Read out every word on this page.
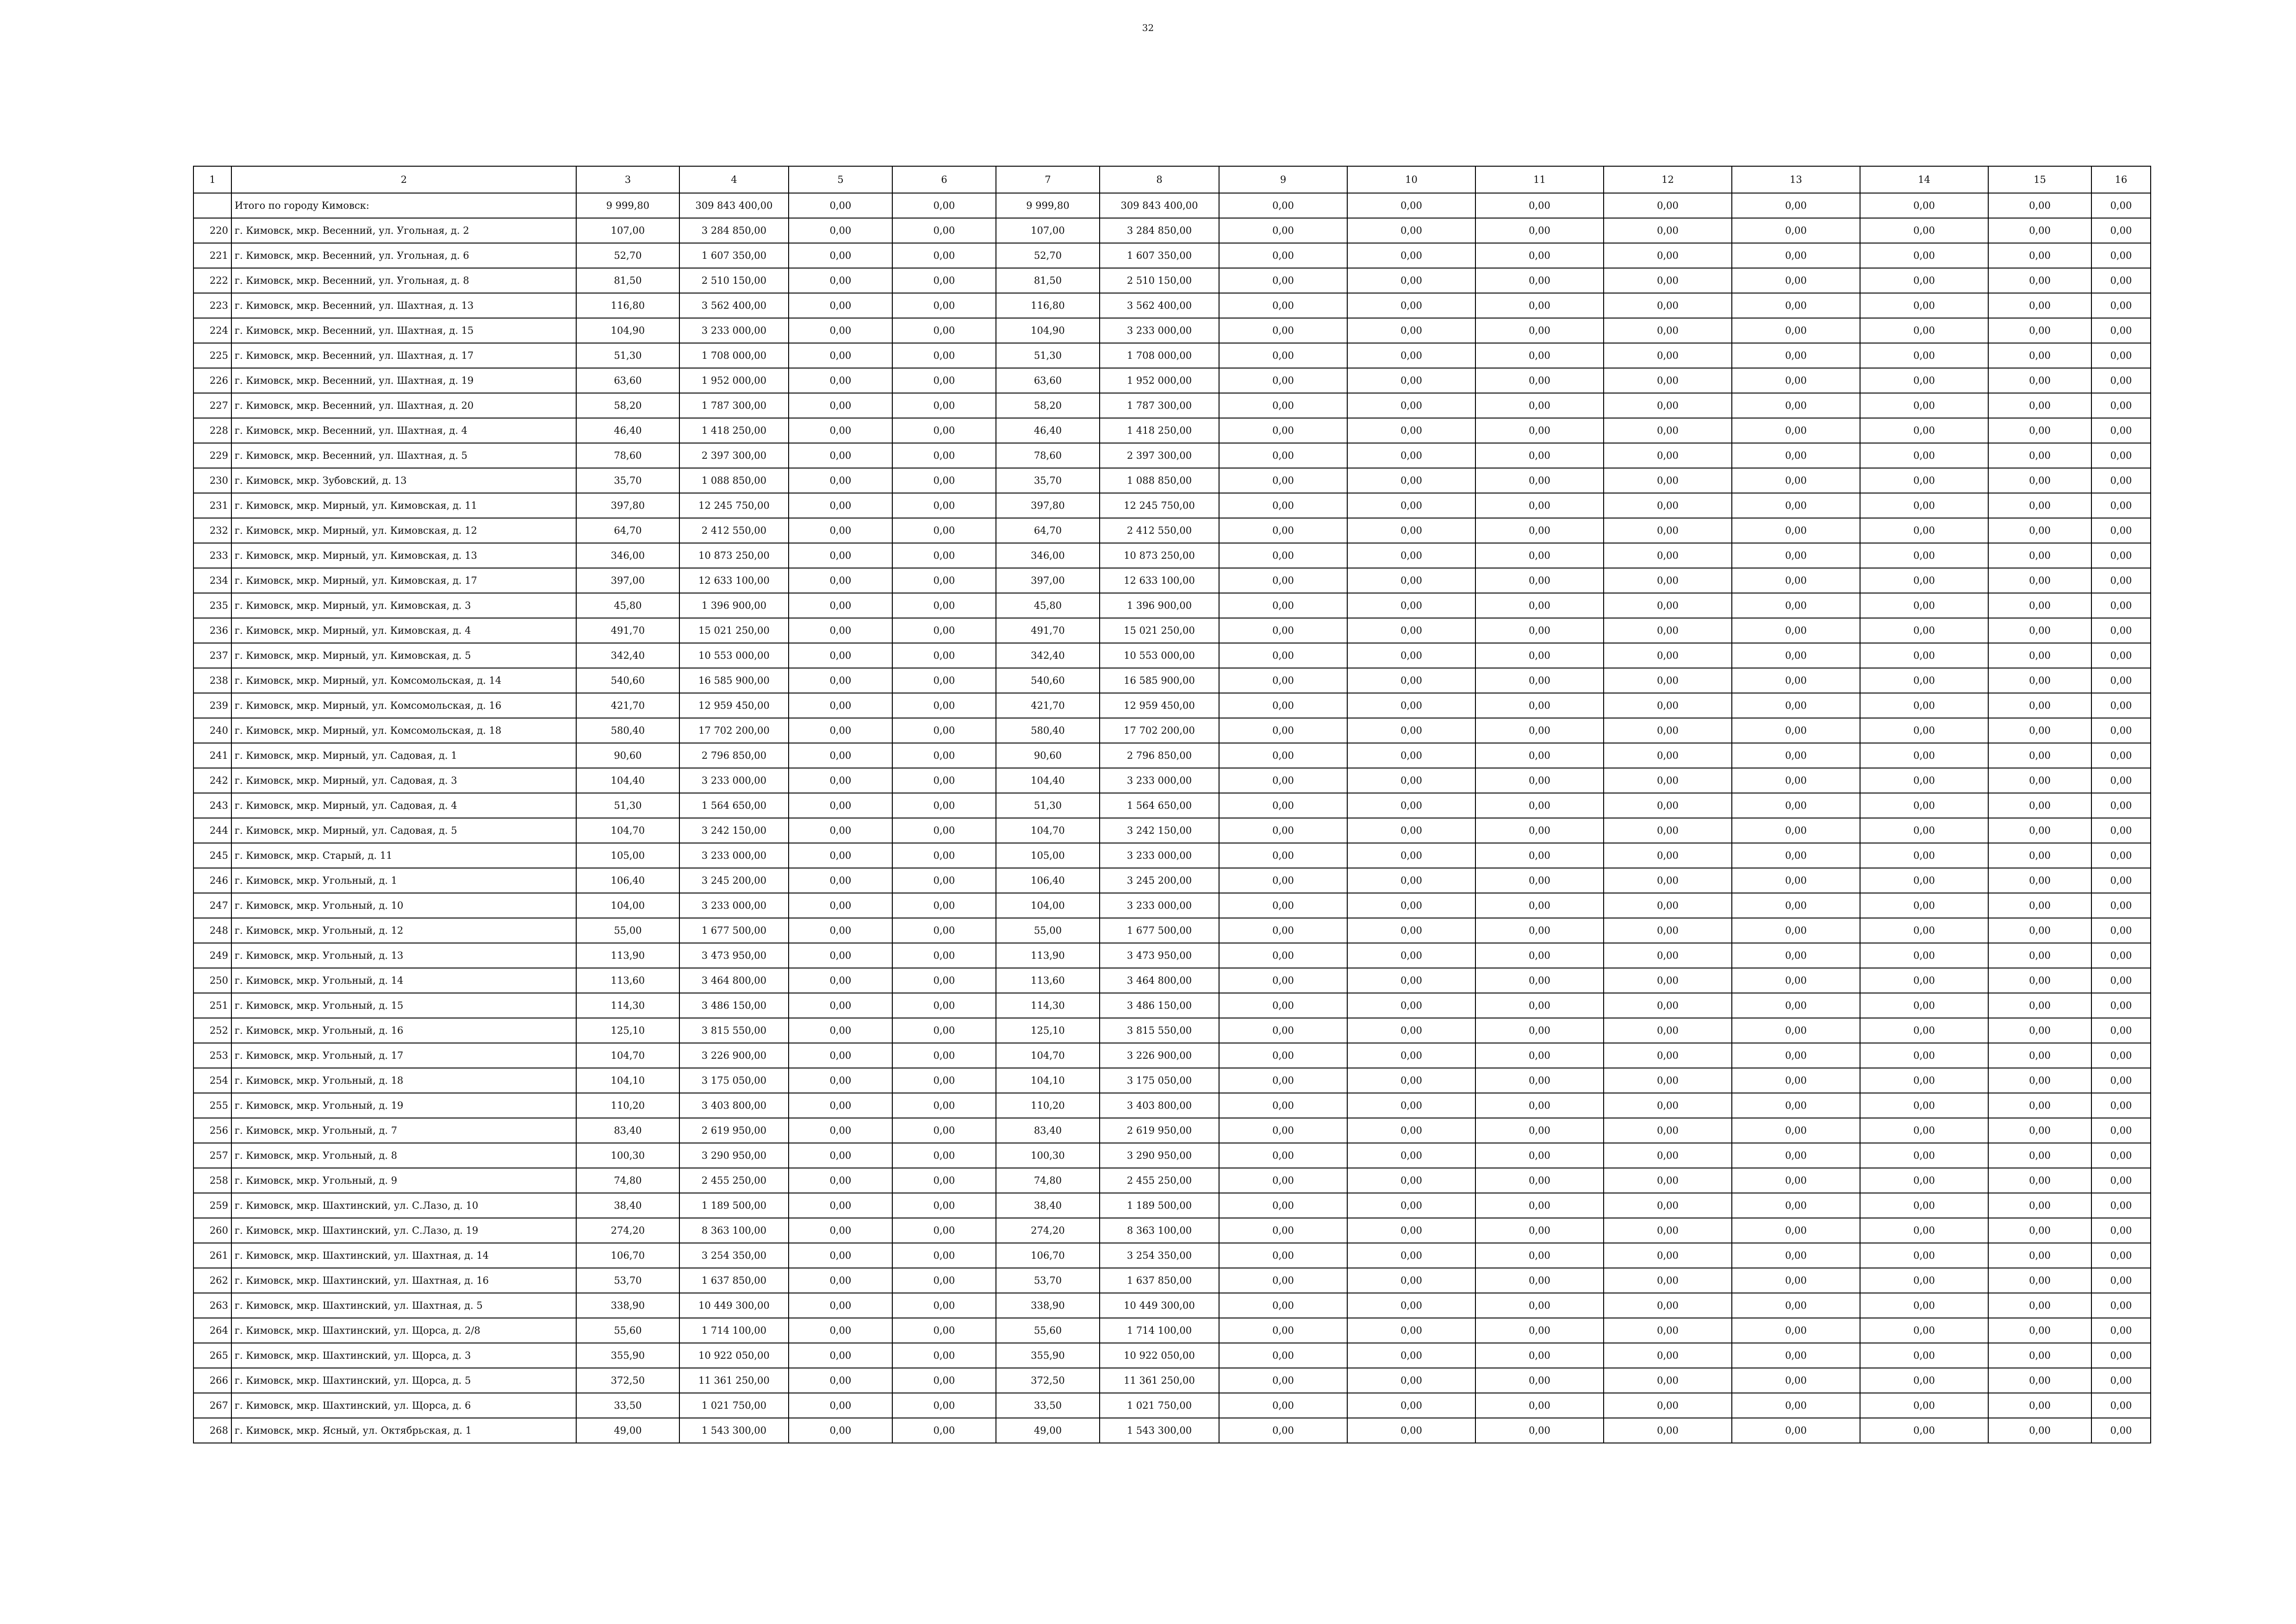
32
1	2	3	4	5	6	7	8	9	10	11	12	13	14	15	16
	Итого по городу Кимовск:	9 999,80	309 843 400,00	0,00	0,00	9 999,80	309 843 400,00	0,00	0,00	0,00	0,00	0,00	0,00	0,00	0,00
220	г. Кимовск, мкр. Весенний, ул. Угольная, д. 2	107,00	3 284 850,00	0,00	0,00	107,00	3 284 850,00	0,00	0,00	0,00	0,00	0,00	0,00	0,00	0,00
221	г. Кимовск, мкр. Весенний, ул. Угольная, д. 6	52,70	1 607 350,00	0,00	0,00	52,70	1 607 350,00	0,00	0,00	0,00	0,00	0,00	0,00	0,00	0,00
222	г. Кимовск, мкр. Весенний, ул. Угольная, д. 8	81,50	2 510 150,00	0,00	0,00	81,50	2 510 150,00	0,00	0,00	0,00	0,00	0,00	0,00	0,00	0,00
223	г. Кимовск, мкр. Весенний, ул. Шахтная, д. 13	116,80	3 562 400,00	0,00	0,00	116,80	3 562 400,00	0,00	0,00	0,00	0,00	0,00	0,00	0,00	0,00
224	г. Кимовск, мкр. Весенний, ул. Шахтная, д. 15	104,90	3 233 000,00	0,00	0,00	104,90	3 233 000,00	0,00	0,00	0,00	0,00	0,00	0,00	0,00	0,00
225	г. Кимовск, мкр. Весенний, ул. Шахтная, д. 17	51,30	1 708 000,00	0,00	0,00	51,30	1 708 000,00	0,00	0,00	0,00	0,00	0,00	0,00	0,00	0,00
226	г. Кимовск, мкр. Весенний, ул. Шахтная, д. 19	63,60	1 952 000,00	0,00	0,00	63,60	1 952 000,00	0,00	0,00	0,00	0,00	0,00	0,00	0,00	0,00
227	г. Кимовск, мкр. Весенний, ул. Шахтная, д. 20	58,20	1 787 300,00	0,00	0,00	58,20	1 787 300,00	0,00	0,00	0,00	0,00	0,00	0,00	0,00	0,00
228	г. Кимовск, мкр. Весенний, ул. Шахтная, д. 4	46,40	1 418 250,00	0,00	0,00	46,40	1 418 250,00	0,00	0,00	0,00	0,00	0,00	0,00	0,00	0,00
229	г. Кимовск, мкр. Весенний, ул. Шахтная, д. 5	78,60	2 397 300,00	0,00	0,00	78,60	2 397 300,00	0,00	0,00	0,00	0,00	0,00	0,00	0,00	0,00
230	г. Кимовск, мкр. Зубовский, д. 13	35,70	1 088 850,00	0,00	0,00	35,70	1 088 850,00	0,00	0,00	0,00	0,00	0,00	0,00	0,00	0,00
231	г. Кимовск, мкр. Мирный, ул. Кимовская, д. 11	397,80	12 245 750,00	0,00	0,00	397,80	12 245 750,00	0,00	0,00	0,00	0,00	0,00	0,00	0,00	0,00
232	г. Кимовск, мкр. Мирный, ул. Кимовская, д. 12	64,70	2 412 550,00	0,00	0,00	64,70	2 412 550,00	0,00	0,00	0,00	0,00	0,00	0,00	0,00	0,00
233	г. Кимовск, мкр. Мирный, ул. Кимовская, д. 13	346,00	10 873 250,00	0,00	0,00	346,00	10 873 250,00	0,00	0,00	0,00	0,00	0,00	0,00	0,00	0,00
234	г. Кимовск, мкр. Мирный, ул. Кимовская, д. 17	397,00	12 633 100,00	0,00	0,00	397,00	12 633 100,00	0,00	0,00	0,00	0,00	0,00	0,00	0,00	0,00
235	г. Кимовск, мкр. Мирный, ул. Кимовская, д. 3	45,80	1 396 900,00	0,00	0,00	45,80	1 396 900,00	0,00	0,00	0,00	0,00	0,00	0,00	0,00	0,00
236	г. Кимовск, мкр. Мирный, ул. Кимовская, д. 4	491,70	15 021 250,00	0,00	0,00	491,70	15 021 250,00	0,00	0,00	0,00	0,00	0,00	0,00	0,00	0,00
237	г. Кимовск, мкр. Мирный, ул. Кимовская, д. 5	342,40	10 553 000,00	0,00	0,00	342,40	10 553 000,00	0,00	0,00	0,00	0,00	0,00	0,00	0,00	0,00
238	г. Кимовск, мкр. Мирный, ул. Комсомольская, д. 14	540,60	16 585 900,00	0,00	0,00	540,60	16 585 900,00	0,00	0,00	0,00	0,00	0,00	0,00	0,00	0,00
239	г. Кимовск, мкр. Мирный, ул. Комсомольская, д. 16	421,70	12 959 450,00	0,00	0,00	421,70	12 959 450,00	0,00	0,00	0,00	0,00	0,00	0,00	0,00	0,00
240	г. Кимовск, мкр. Мирный, ул. Комсомольская, д. 18	580,40	17 702 200,00	0,00	0,00	580,40	17 702 200,00	0,00	0,00	0,00	0,00	0,00	0,00	0,00	0,00
241	г. Кимовск, мкр. Мирный, ул. Садовая, д. 1	90,60	2 796 850,00	0,00	0,00	90,60	2 796 850,00	0,00	0,00	0,00	0,00	0,00	0,00	0,00	0,00
242	г. Кимовск, мкр. Мирный, ул. Садовая, д. 3	104,40	3 233 000,00	0,00	0,00	104,40	3 233 000,00	0,00	0,00	0,00	0,00	0,00	0,00	0,00	0,00
243	г. Кимовск, мкр. Мирный, ул. Садовая, д. 4	51,30	1 564 650,00	0,00	0,00	51,30	1 564 650,00	0,00	0,00	0,00	0,00	0,00	0,00	0,00	0,00
244	г. Кимовск, мкр. Мирный, ул. Садовая, д. 5	104,70	3 242 150,00	0,00	0,00	104,70	3 242 150,00	0,00	0,00	0,00	0,00	0,00	0,00	0,00	0,00
245	г. Кимовск, мкр. Старый, д. 11	105,00	3 233 000,00	0,00	0,00	105,00	3 233 000,00	0,00	0,00	0,00	0,00	0,00	0,00	0,00	0,00
246	г. Кимовск, мкр. Угольный, д. 1	106,40	3 245 200,00	0,00	0,00	106,40	3 245 200,00	0,00	0,00	0,00	0,00	0,00	0,00	0,00	0,00
247	г. Кимовск, мкр. Угольный, д. 10	104,00	3 233 000,00	0,00	0,00	104,00	3 233 000,00	0,00	0,00	0,00	0,00	0,00	0,00	0,00	0,00
248	г. Кимовск, мкр. Угольный, д. 12	55,00	1 677 500,00	0,00	0,00	55,00	1 677 500,00	0,00	0,00	0,00	0,00	0,00	0,00	0,00	0,00
249	г. Кимовск, мкр. Угольный, д. 13	113,90	3 473 950,00	0,00	0,00	113,90	3 473 950,00	0,00	0,00	0,00	0,00	0,00	0,00	0,00	0,00
250	г. Кимовск, мкр. Угольный, д. 14	113,60	3 464 800,00	0,00	0,00	113,60	3 464 800,00	0,00	0,00	0,00	0,00	0,00	0,00	0,00	0,00
251	г. Кимовск, мкр. Угольный, д. 15	114,30	3 486 150,00	0,00	0,00	114,30	3 486 150,00	0,00	0,00	0,00	0,00	0,00	0,00	0,00	0,00
252	г. Кимовск, мкр. Угольный, д. 16	125,10	3 815 550,00	0,00	0,00	125,10	3 815 550,00	0,00	0,00	0,00	0,00	0,00	0,00	0,00	0,00
253	г. Кимовск, мкр. Угольный, д. 17	104,70	3 226 900,00	0,00	0,00	104,70	3 226 900,00	0,00	0,00	0,00	0,00	0,00	0,00	0,00	0,00
254	г. Кимовск, мкр. Угольный, д. 18	104,10	3 175 050,00	0,00	0,00	104,10	3 175 050,00	0,00	0,00	0,00	0,00	0,00	0,00	0,00	0,00
255	г. Кимовск, мкр. Угольный, д. 19	110,20	3 403 800,00	0,00	0,00	110,20	3 403 800,00	0,00	0,00	0,00	0,00	0,00	0,00	0,00	0,00
256	г. Кимовск, мкр. Угольный, д. 7	83,40	2 619 950,00	0,00	0,00	83,40	2 619 950,00	0,00	0,00	0,00	0,00	0,00	0,00	0,00	0,00
257	г. Кимовск, мкр. Угольный, д. 8	100,30	3 290 950,00	0,00	0,00	100,30	3 290 950,00	0,00	0,00	0,00	0,00	0,00	0,00	0,00	0,00
258	г. Кимовск, мкр. Угольный, д. 9	74,80	2 455 250,00	0,00	0,00	74,80	2 455 250,00	0,00	0,00	0,00	0,00	0,00	0,00	0,00	0,00
259	г. Кимовск, мкр. Шахтинский, ул. С.Лазо, д. 10	38,40	1 189 500,00	0,00	0,00	38,40	1 189 500,00	0,00	0,00	0,00	0,00	0,00	0,00	0,00	0,00
260	г. Кимовск, мкр. Шахтинский, ул. С.Лазо, д. 19	274,20	8 363 100,00	0,00	0,00	274,20	8 363 100,00	0,00	0,00	0,00	0,00	0,00	0,00	0,00	0,00
261	г. Кимовск, мкр. Шахтинский, ул. Шахтная, д. 14	106,70	3 254 350,00	0,00	0,00	106,70	3 254 350,00	0,00	0,00	0,00	0,00	0,00	0,00	0,00	0,00
262	г. Кимовск, мкр. Шахтинский, ул. Шахтная, д. 16	53,70	1 637 850,00	0,00	0,00	53,70	1 637 850,00	0,00	0,00	0,00	0,00	0,00	0,00	0,00	0,00
263	г. Кимовск, мкр. Шахтинский, ул. Шахтная, д. 5	338,90	10 449 300,00	0,00	0,00	338,90	10 449 300,00	0,00	0,00	0,00	0,00	0,00	0,00	0,00	0,00
264	г. Кимовск, мкр. Шахтинский, ул. Щорса, д. 2/8	55,60	1 714 100,00	0,00	0,00	55,60	1 714 100,00	0,00	0,00	0,00	0,00	0,00	0,00	0,00	0,00
265	г. Кимовск, мкр. Шахтинский, ул. Щорса, д. 3	355,90	10 922 050,00	0,00	0,00	355,90	10 922 050,00	0,00	0,00	0,00	0,00	0,00	0,00	0,00	0,00
266	г. Кимовск, мкр. Шахтинский, ул. Щорса, д. 5	372,50	11 361 250,00	0,00	0,00	372,50	11 361 250,00	0,00	0,00	0,00	0,00	0,00	0,00	0,00	0,00
267	г. Кимовск, мкр. Шахтинский, ул. Щорса, д. 6	33,50	1 021 750,00	0,00	0,00	33,50	1 021 750,00	0,00	0,00	0,00	0,00	0,00	0,00	0,00	0,00
268	г. Кимовск, мкр. Ясный, ул. Октябрьская, д. 1	49,00	1 543 300,00	0,00	0,00	49,00	1 543 300,00	0,00	0,00	0,00	0,00	0,00	0,00	0,00	0,00
